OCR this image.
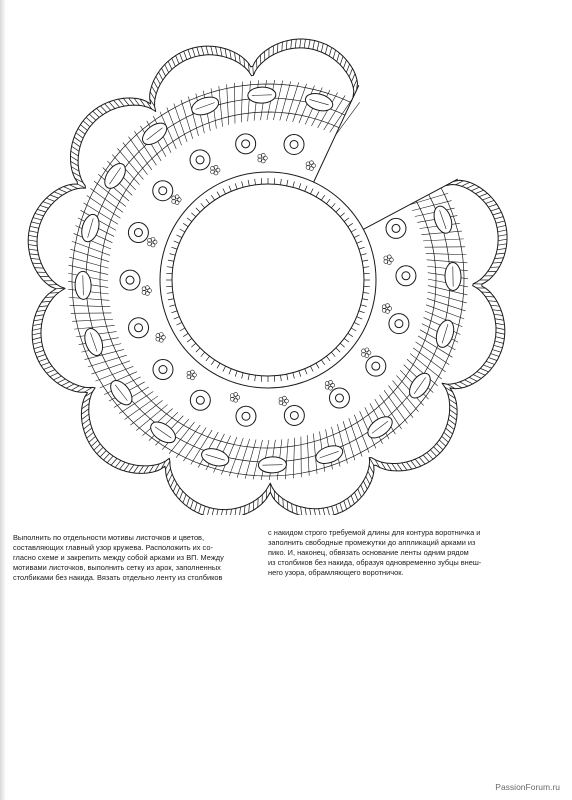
Выполнить по отдельности мотивы листочков и цветов,
составляющих главный узор кружева. Расположить их со-
гласно схеме и закрепить между собой арками из ВП. Между
мотивами листочков, выполнить сетку из арок, заполненных
столбиками без накида. Вязать отдельно ленту из столбиков
с накидом строго требуемой длины для контура воротничка и
заполнить свободные промежутки до аппликаций арками из
пико. И, наконец, обвязать основание ленты одним рядом
из столбиков без накида, образуя одновременно зубцы внеш-
него узора, обрамляющего воротничок.
PassionForum.ru
